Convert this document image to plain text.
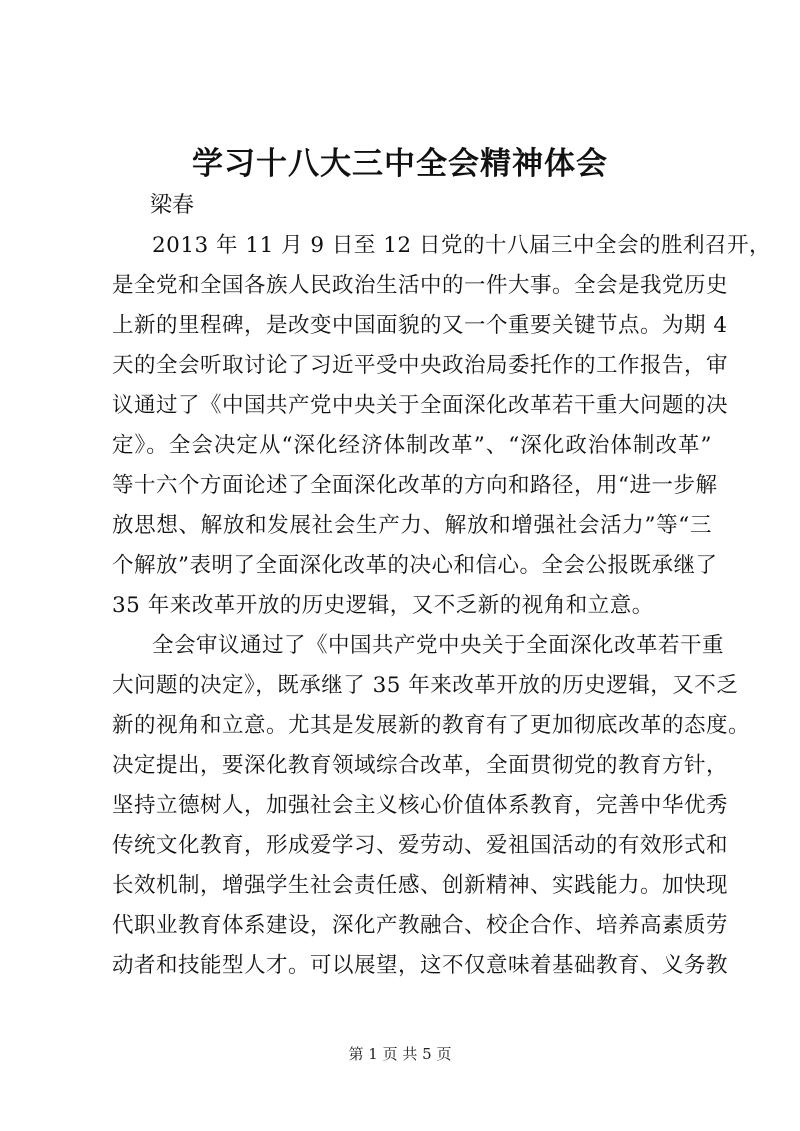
学习十八大三中全会精神体会
梁春
2013 年 11 月 9 日至 12 日党的十八届三中全会的胜利召开，
是全党和全国各族人民政治生活中的一件大事。全会是我党历史
上新的里程碑，是改变中国面貌的又一个重要关键节点。为期 4
天的全会听取讨论了习近平受中央政治局委托作的工作报告，审
议通过了《中国共产党中央关于全面深化改革若干重大问题的决
定》。全会决定从“深化经济体制改革”、“深化政治体制改革”
等十六个方面论述了全面深化改革的方向和路径，用“进一步解
放思想、解放和发展社会生产力、解放和增强社会活力”等“三
个解放”表明了全面深化改革的决心和信心。全会公报既承继了
35 年来改革开放的历史逻辑，又不乏新的视角和立意。
全会审议通过了《中国共产党中央关于全面深化改革若干重
大问题的决定》，既承继了 35 年来改革开放的历史逻辑，又不乏
新的视角和立意。尤其是发展新的教育有了更加彻底改革的态度。
决定提出，要深化教育领域综合改革，全面贯彻党的教育方针，
坚持立德树人，加强社会主义核心价值体系教育，完善中华优秀
传统文化教育，形成爱学习、爱劳动、爱祖国活动的有效形式和
长效机制，增强学生社会责任感、创新精神、实践能力。加快现
代职业教育体系建设，深化产教融合、校企合作、培养高素质劳
动者和技能型人才。可以展望，这不仅意味着基础教育、义务教
第 1 页 共 5 页
